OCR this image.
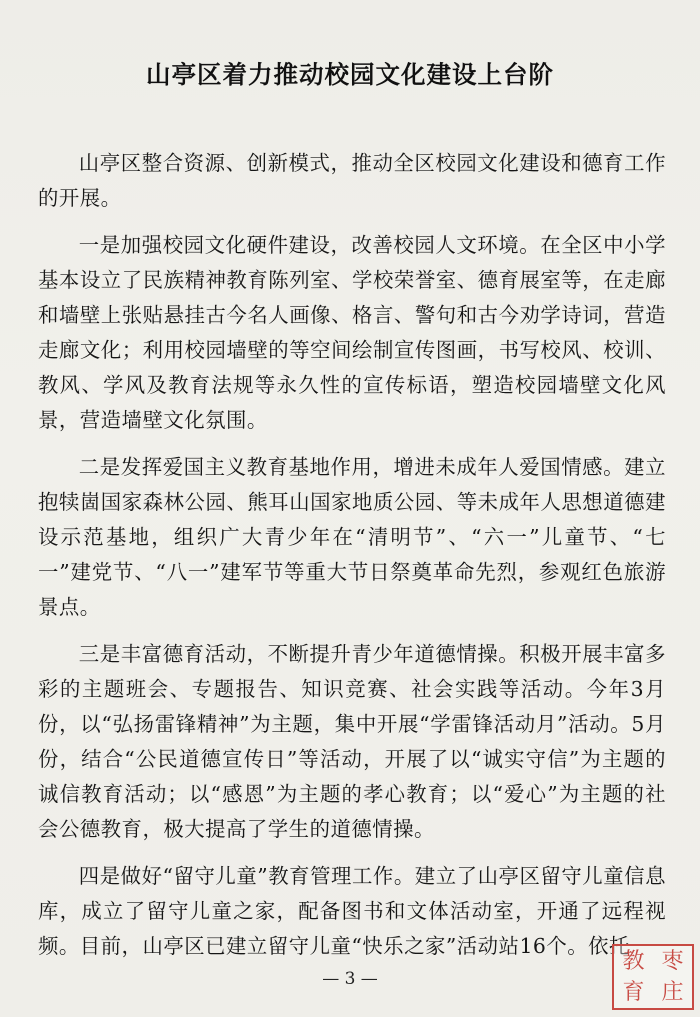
山亭区着力推动校园文化建设上台阶

山亭区整合资源、创新模式，推动全区校园文化建设和德育工作的开展。

一是加强校园文化硬件建设，改善校园人文环境。在全区中小学基本设立了民族精神教育陈列室、学校荣誉室、德育展室等，在走廊和墙壁上张贴悬挂古今名人画像、格言、警句和古今劝学诗词，营造走廊文化；利用校园墙壁的等空间绘制宣传图画，书写校风、校训、教风、学风及教育法规等永久性的宣传标语，塑造校园墙壁文化风景，营造墙壁文化氛围。

二是发挥爱国主义教育基地作用，增进未成年人爱国情感。建立抱犊崮国家森林公园、熊耳山国家地质公园、等未成年人思想道德建设示范基地，组织广大青少年在“清明节”、“六一”儿童节、“七一”建党节、“八一”建军节等重大节日祭奠革命先烈，参观红色旅游景点。

三是丰富德育活动，不断提升青少年道德情操。积极开展丰富多彩的主题班会、专题报告、知识竞赛、社会实践等活动。今年3月份，以“弘扬雷锋精神”为主题，集中开展“学雷锋活动月”活动。5月份，结合“公民道德宣传日”等活动，开展了以“诚实守信”为主题的诚信教育活动；以“感恩”为主题的孝心教育；以“爱心”为主题的社会公德教育，极大提高了学生的道德情操。

四是做好“留守儿童”教育管理工作。建立了山亭区留守儿童信息库，成立了留守儿童之家，配备图书和文体活动室，开通了远程视频。目前，山亭区已建立留守儿童“快乐之家”活动站16个。依托

— 3 —
教 枣
育 庄
